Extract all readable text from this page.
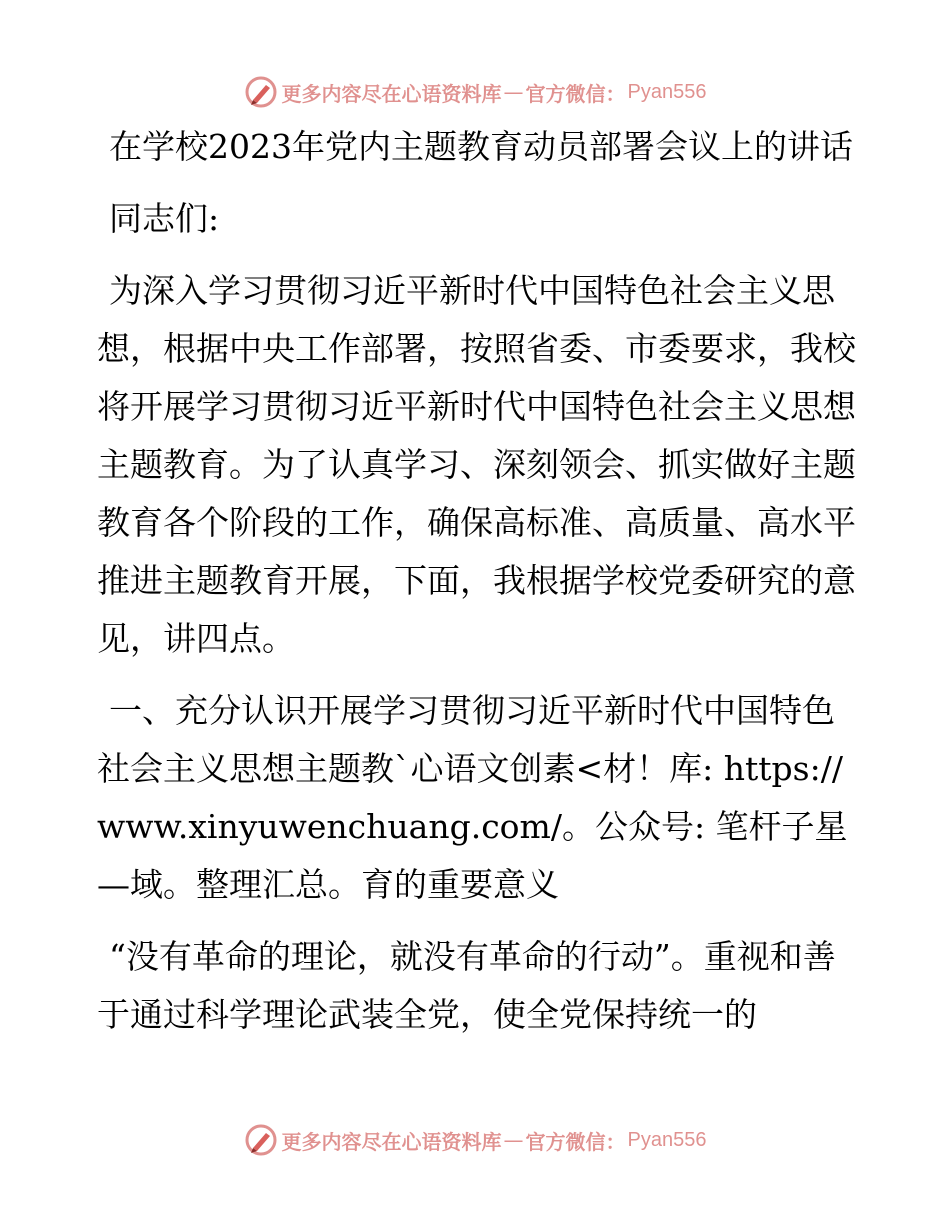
更多内容尽在心语资料库 — 官方微信： Pyan556

在学校2023年党内主题教育动员部署会议上的讲话

同志们:

为深入学习贯彻习近平新时代中国特色社会主义思想，根据中央工作部署，按照省委、市委要求，我校将开展学习贯彻习近平新时代中国特色社会主义思想主题教育。为了认真学习、深刻领会、抓实做好主题教育各个阶段的工作，确保高标准、高质量、高水平推进主题教育开展，下面，我根据学校党委研究的意见，讲四点。

一、充分认识开展学习贯彻习近平新时代中国特色社会主义思想主题教`心语文创素<材！库: https://www.xinyuwenchuang.com/。公众号: 笔杆子星—域。整理汇总。育的重要意义

“没有革命的理论，就没有革命的行动”。重视和善于通过科学理论武装全党，使全党保持统一的

更多内容尽在心语资料库 — 官方微信： Pyan556
